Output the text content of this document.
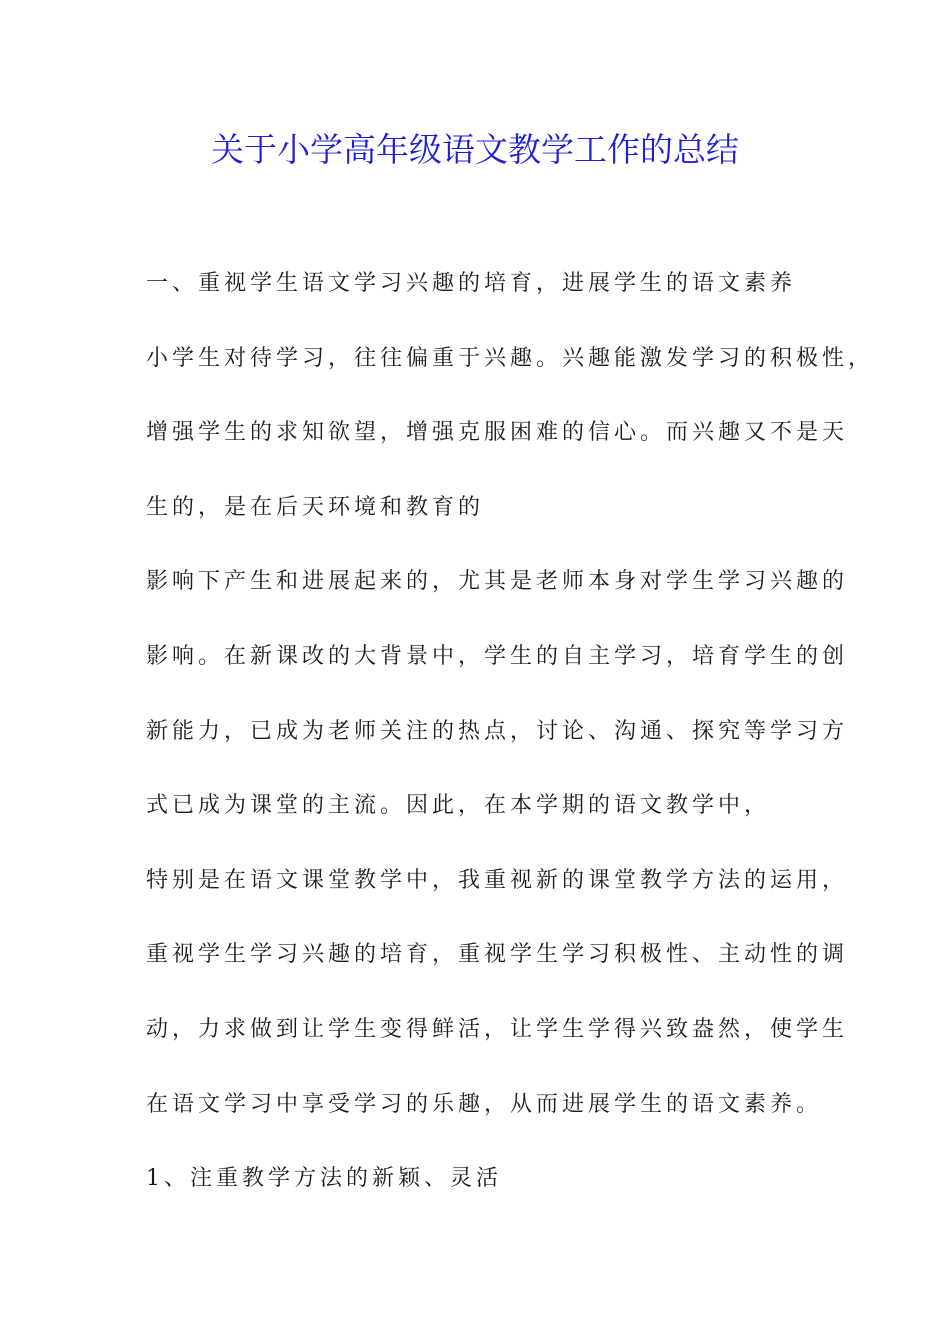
关于小学高年级语文教学工作的总结
一、重视学生语文学习兴趣的培育，进展学生的语文素养
小学生对待学习，往往偏重于兴趣。兴趣能激发学习的积极性，
增强学生的求知欲望，增强克服困难的信心。而兴趣又不是天
生的，是在后天环境和教育的
影响下产生和进展起来的，尤其是老师本身对学生学习兴趣的
影响。在新课改的大背景中，学生的自主学习，培育学生的创
新能力，已成为老师关注的热点，讨论、沟通、探究等学习方
式已成为课堂的主流。因此，在本学期的语文教学中，
特别是在语文课堂教学中，我重视新的课堂教学方法的运用，
重视学生学习兴趣的培育，重视学生学习积极性、主动性的调
动，力求做到让学生变得鲜活，让学生学得兴致盎然，使学生
在语文学习中享受学习的乐趣，从而进展学生的语文素养。
1、注重教学方法的新颖、灵活
